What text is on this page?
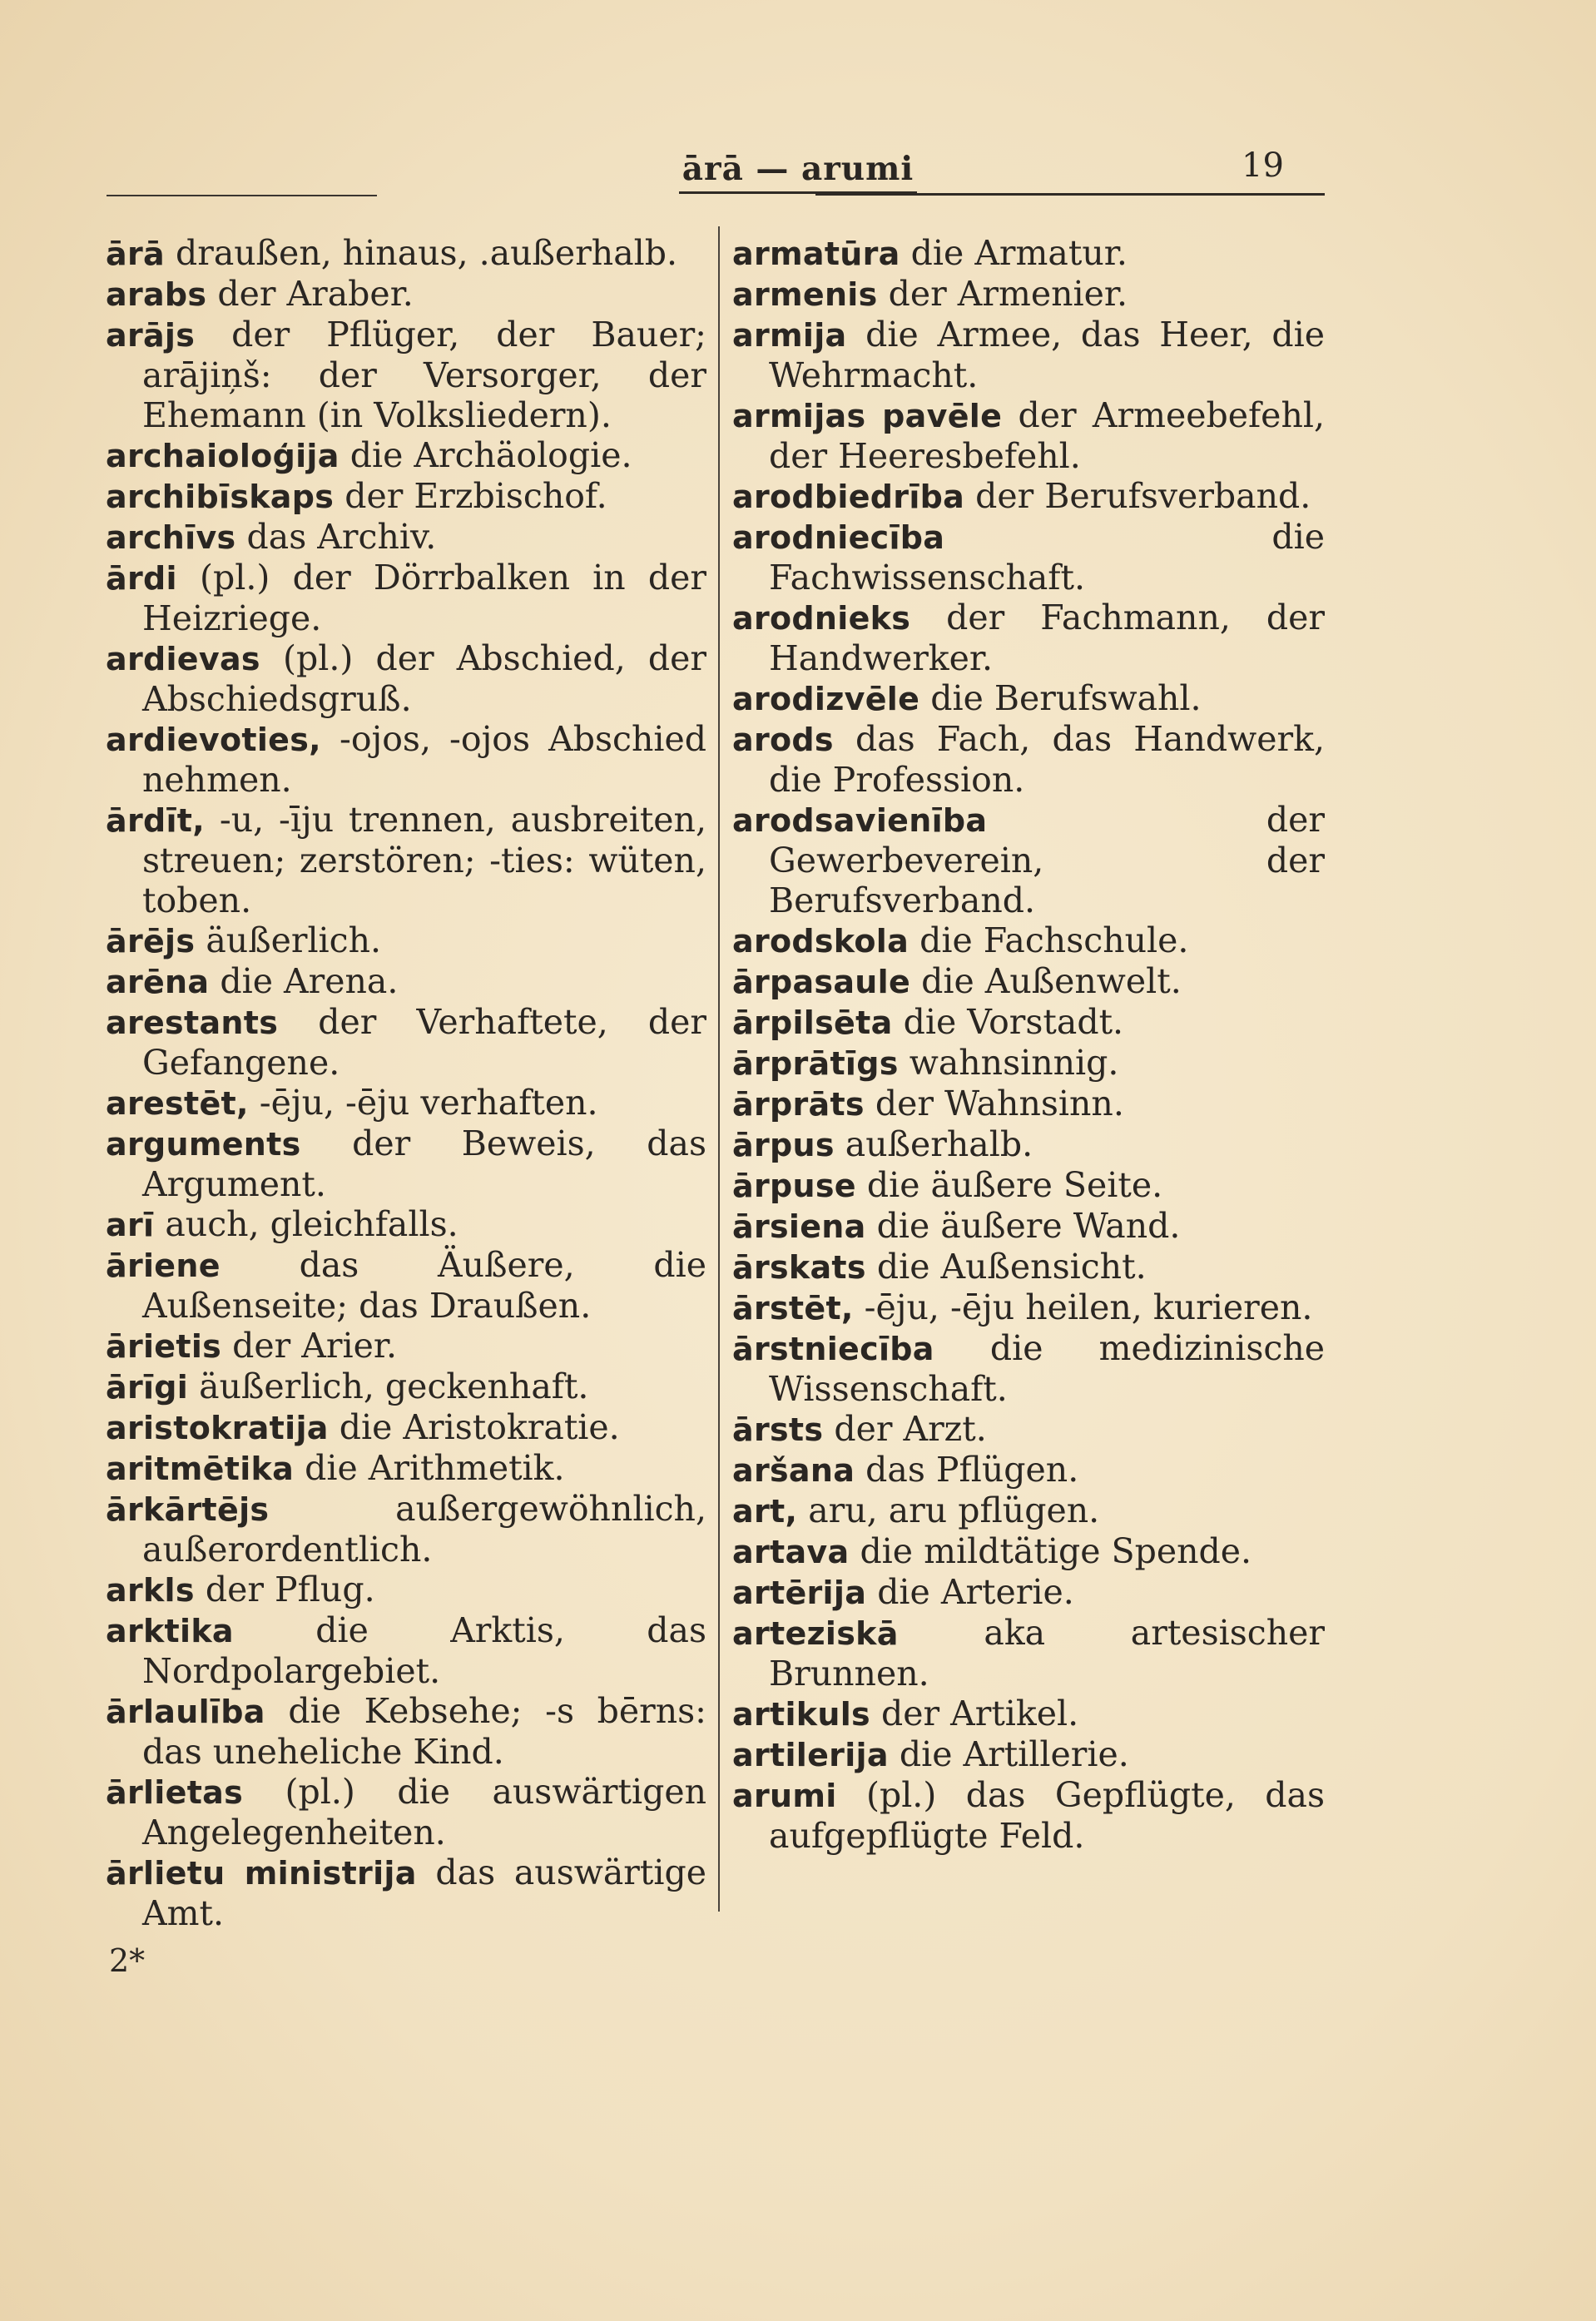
ārā — arumi	19
ārā draußen, hinaus, .außerhalb.
arabs der Araber.
arājs der Pflüger, der Bauer; arājiņš: der Versorger, der Ehemann (in Volksliedern).
archaioloģija die Archäologie.
archibīskaps der Erzbischof.
archīvs das Archiv.
ārdi (pl.) der Dörrbalken in der Heizriege.
ardievas (pl.) der Abschied, der Abschiedsgruß.
ardievoties, -ojos, -ojos Abschied nehmen.
ārdīt, -u, -īju trennen, ausbreiten, streuen; zerstören; -ties: wüten, toben.
ārējs äußerlich.
arēna die Arena.
arestants der Verhaftete, der Gefangene.
arestēt, -ēju, -ēju verhaften.
arguments der Beweis, das Argument.
arī auch, gleichfalls.
āriene das Äußere, die Außenseite; das Draußen.
ārietis der Arier.
ārīgi äußerlich, geckenhaft.
aristokratija die Aristokratie.
aritmētika die Arithmetik.
ārkārtējs außergewöhnlich, außerordentlich.
arkls der Pflug.
arktika die Arktis, das Nordpolargebiet.
ārlaulība die Kebsehe; -s bērns: das uneheliche Kind.
ārlietas (pl.) die auswärtigen Angelegenheiten.
ārlietu ministrija das auswärtige Amt.
armatūra die Armatur.
armenis der Armenier.
armija die Armee, das Heer, die Wehrmacht.
armijas pavēle der Armeebefehl, der Heeresbefehl.
arodbiedrība der Berufsverband.
arodniecība die Fachwissenschaft.
arodnieks der Fachmann, der Handwerker.
arodizvēle die Berufswahl.
arods das Fach, das Handwerk, die Profession.
arodsavienība der Gewerbeverein, der Berufsverband.
arodskola die Fachschule.
ārpasaule die Außenwelt.
ārpilsēta die Vorstadt.
ārprātīgs wahnsinnig.
ārprāts der Wahnsinn.
ārpus außerhalb.
ārpuse die äußere Seite.
ārsiena die äußere Wand.
ārskats die Außensicht.
ārstēt, -ēju, -ēju heilen, kurieren.
ārstniecība die medizinische Wissenschaft.
ārsts der Arzt.
aršana das Pflügen.
art, aru, aru pflügen.
artava die mildtätige Spende.
artērija die Arterie.
arteziskā aka artesischer Brunnen.
artikuls der Artikel.
artilerija die Artillerie.
arumi (pl.) das Gepflügte, das aufgepflügte Feld.
2*
